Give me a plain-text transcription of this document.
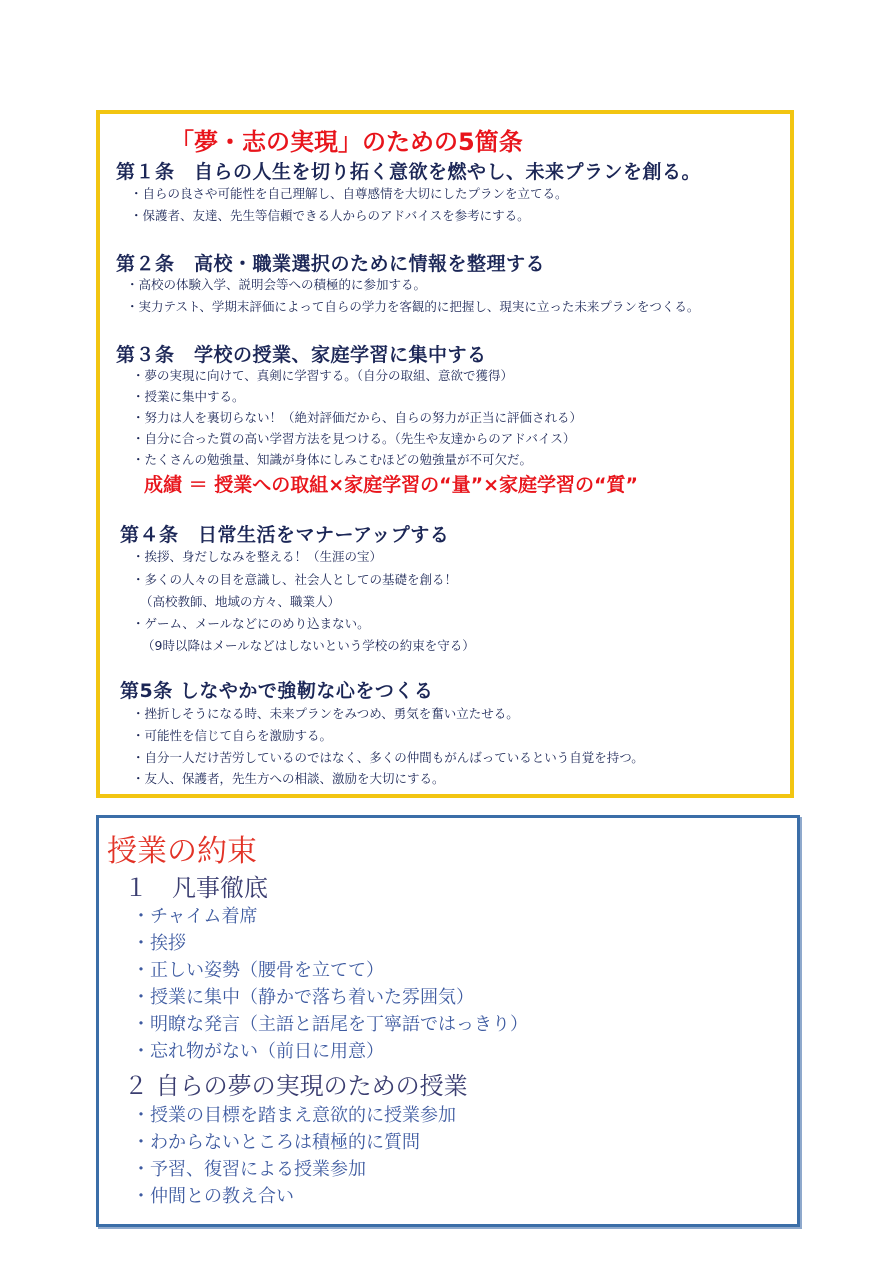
「夢・志の実現」のための5箇条
第１条　自らの人生を切り拓く意欲を燃やし、未来プランを創る。
・自らの良さや可能性を自己理解し、自尊感情を大切にしたプランを立てる。
・保護者、友達、先生等信頼できる人からのアドバイスを参考にする。
第２条　高校・職業選択のために情報を整理する
・高校の体験入学、説明会等への積極的に参加する。
・実力テスト、学期末評価によって自らの学力を客観的に把握し、現実に立った未来プランをつくる。
第３条　学校の授業、家庭学習に集中する
・夢の実現に向けて、真剣に学習する。（自分の取組、意欲で獲得）
・授業に集中する。
・努力は人を裏切らない！（絶対評価だから、自らの努力が正当に評価される）
・自分に合った質の高い学習方法を見つける。（先生や友達からのアドバイス）
・たくさんの勉強量、知識が身体にしみこむほどの勉強量が不可欠だ。
成績 ＝ 授業への取組×家庭学習の“量”×家庭学習の“質”
第４条　日常生活をマナーアップする
・挨拶、身だしなみを整える！（生涯の宝）
・多くの人々の目を意識し、社会人としての基礎を創る！
（高校教師、地域の方々、職業人）
・ゲーム、メールなどにのめり込まない。
（9時以降はメールなどはしないという学校の約束を守る）
第5条 しなやかで強靭な心をつくる
・挫折しそうになる時、未来プランをみつめ、勇気を奮い立たせる。
・可能性を信じて自らを激励する。
・自分一人だけ苦労しているのではなく、多くの仲間もがんばっているという自覚を持つ。
・友人、保護者，先生方への相談、激励を大切にする。
授業の約束
１　凡事徹底
・チャイム着席
・挨拶
・正しい姿勢（腰骨を立てて）
・授業に集中（静かで落ち着いた雰囲気）
・明瞭な発言（主語と語尾を丁寧語ではっきり）
・忘れ物がない（前日に用意）
２ 自らの夢の実現のための授業
・授業の目標を踏まえ意欲的に授業参加
・わからないところは積極的に質問
・予習、復習による授業参加
・仲間との教え合い
